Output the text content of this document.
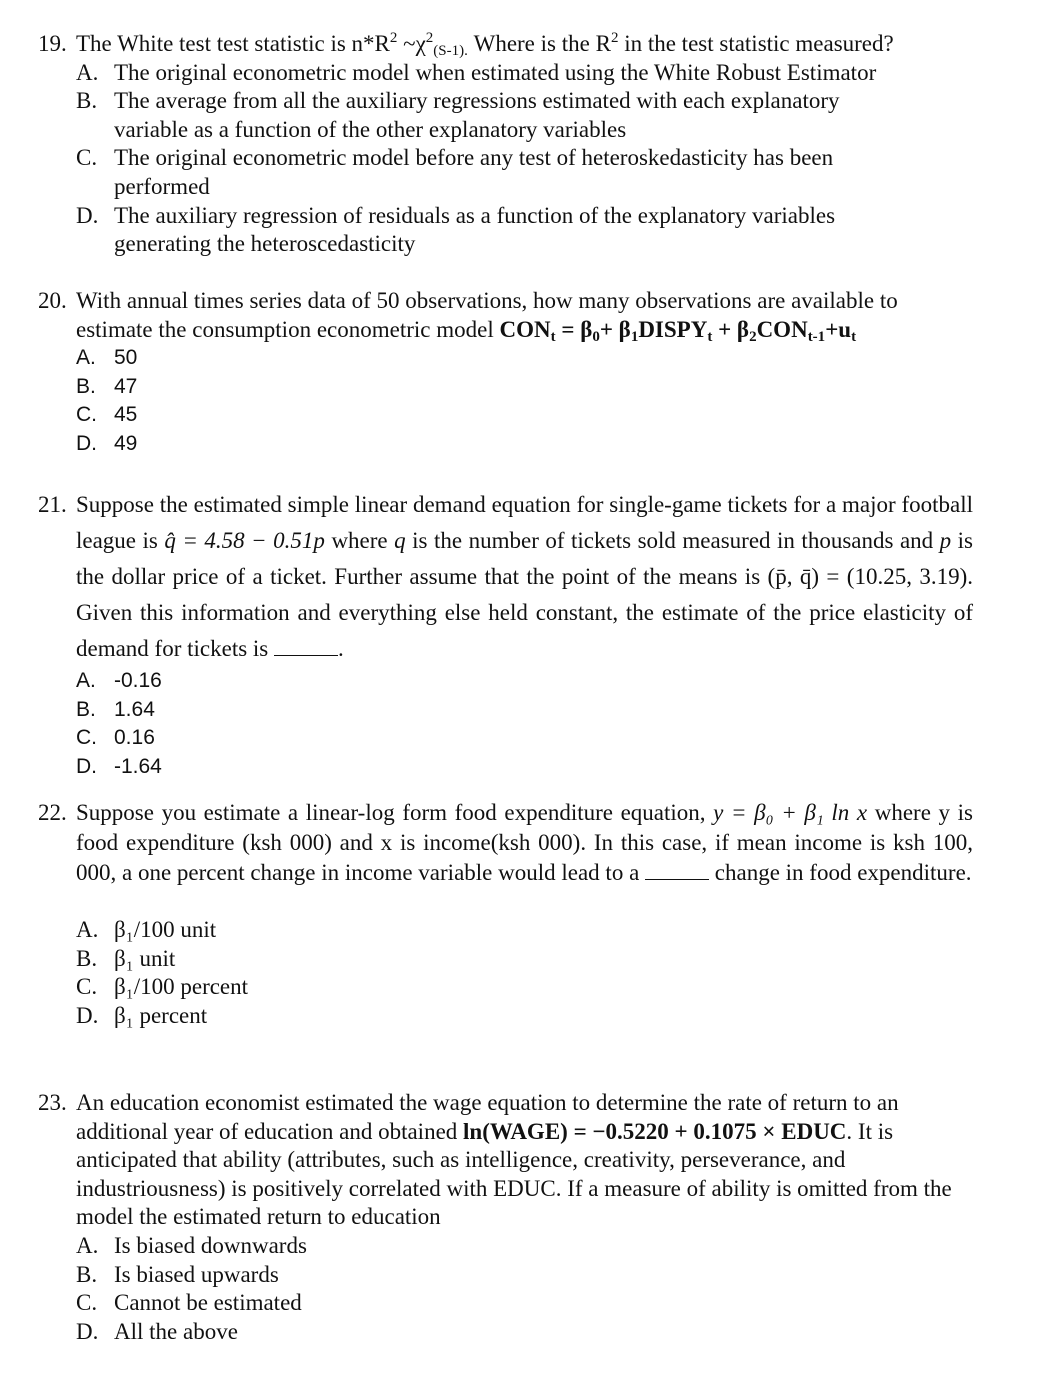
19. The White test test statistic is $n*R^2$ $\sim\chi^2_{(S-1).}$ Where is the $R^2$ in the test statistic measured?
A. The original econometric model when estimated using the White Robust Estimator
B. The average from all the auxiliary regressions estimated with each explanatory variable as a function of the other explanatory variables
C. The original econometric model before any test of heteroskedasticity has been performed
D. The auxiliary regression of residuals as a function of the explanatory variables generating the heteroscedasticity
20. With annual times series data of 50 observations, how many observations are available to estimate the consumption econometric model $CON_t = \beta_0+$ $\beta_1DISPY_t + \beta_2CON_{t-1}+u_t$
A. 50
B. 47
C. 45
D. 49
21. Suppose the estimated simple linear demand equation for single-game tickets for a major football league is q̂ = 4.58 − 0.51p where q is the number of tickets sold measured in thousands and p is the dollar price of a ticket. Further assume that the point of the means is (p̄, q̄) = (10.25, 3.19). Given this information and everything else held constant, the estimate of the price elasticity of demand for tickets is	.
A. -0.16
B. 1.64
C. 0.16
D. -1.64
22. Suppose you estimate a linear-log form food expenditure equation, y = β₀ + β₁ ln x where y is food expenditure (ksh 000) and x is income(ksh 000). In this case, if mean income is ksh 100, 000, a one percent change in income variable would lead to a	change in food expenditure.
A. β₁/100 unit
B. β₁ unit
C. β₁/100 percent
D. β₁ percent
23. An education economist estimated the wage equation to determine the rate of return to an additional year of education and obtained ln(WAGE) = −0.5220 + 0.1075 × EDUC. It is anticipated that ability (attributes, such as intelligence, creativity, perseverance, and industriousness) is positively correlated with EDUC. If a measure of ability is omitted from the model the estimated return to education
A. Is biased downwards
B. Is biased upwards
C. Cannot be estimated
D. All the above
